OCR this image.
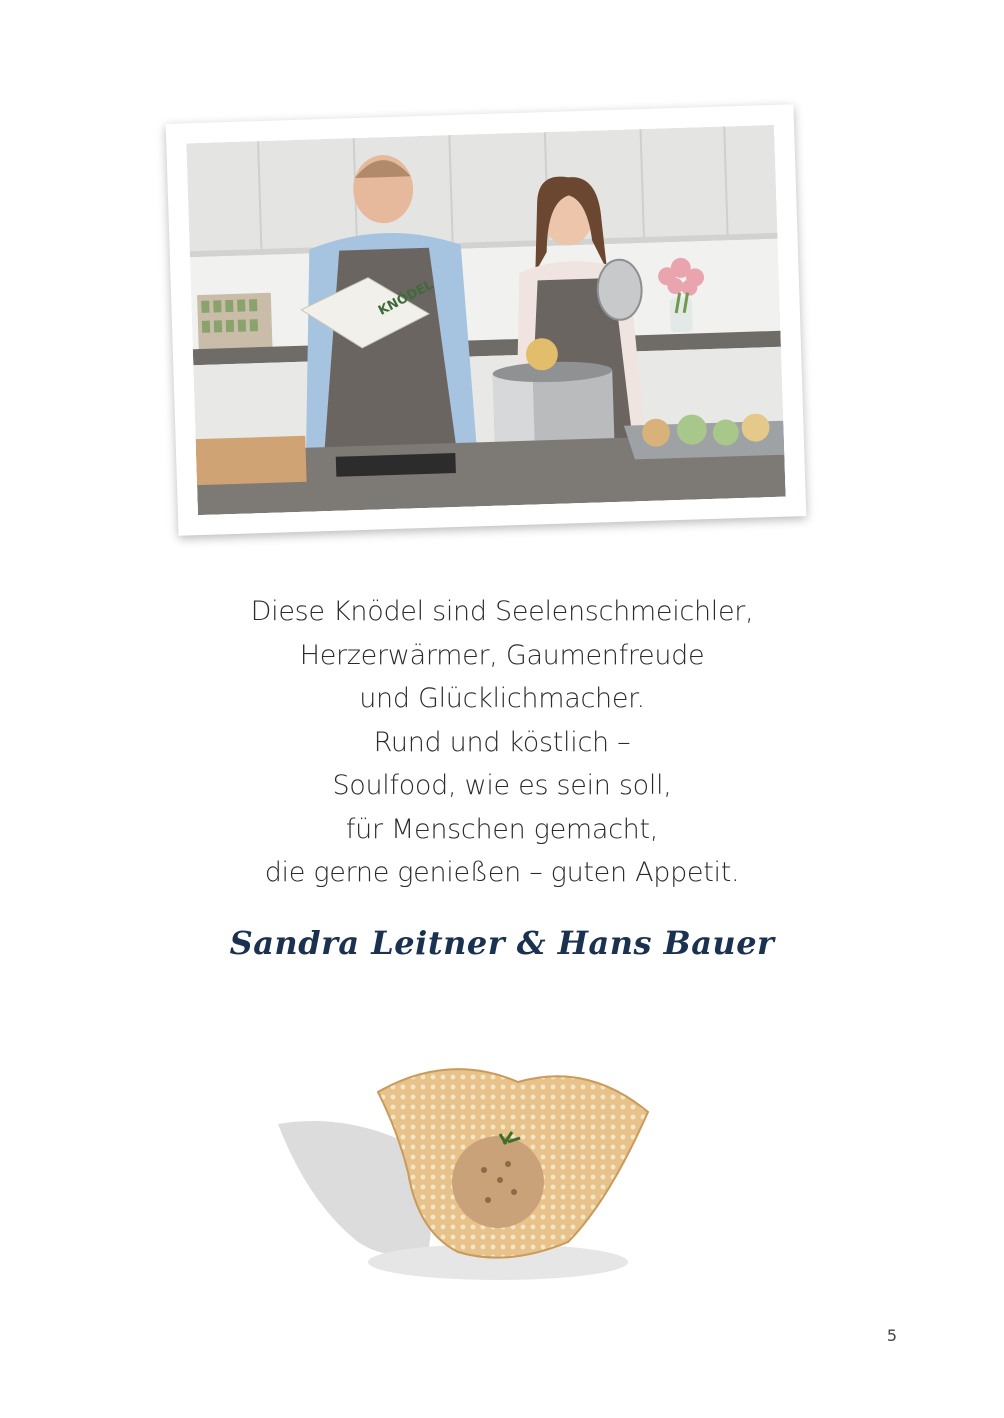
KNÖDEL

Diese Knödel sind Seelenschmeichler,
Herzerwärmer, Gaumenfreude
und Glücklichmacher.
Rund und köstlich –
Soulfood, wie es sein soll,
für Menschen gemacht,
die gerne genießen – guten Appetit.

Sandra Leitner & Hans Bauer
5
